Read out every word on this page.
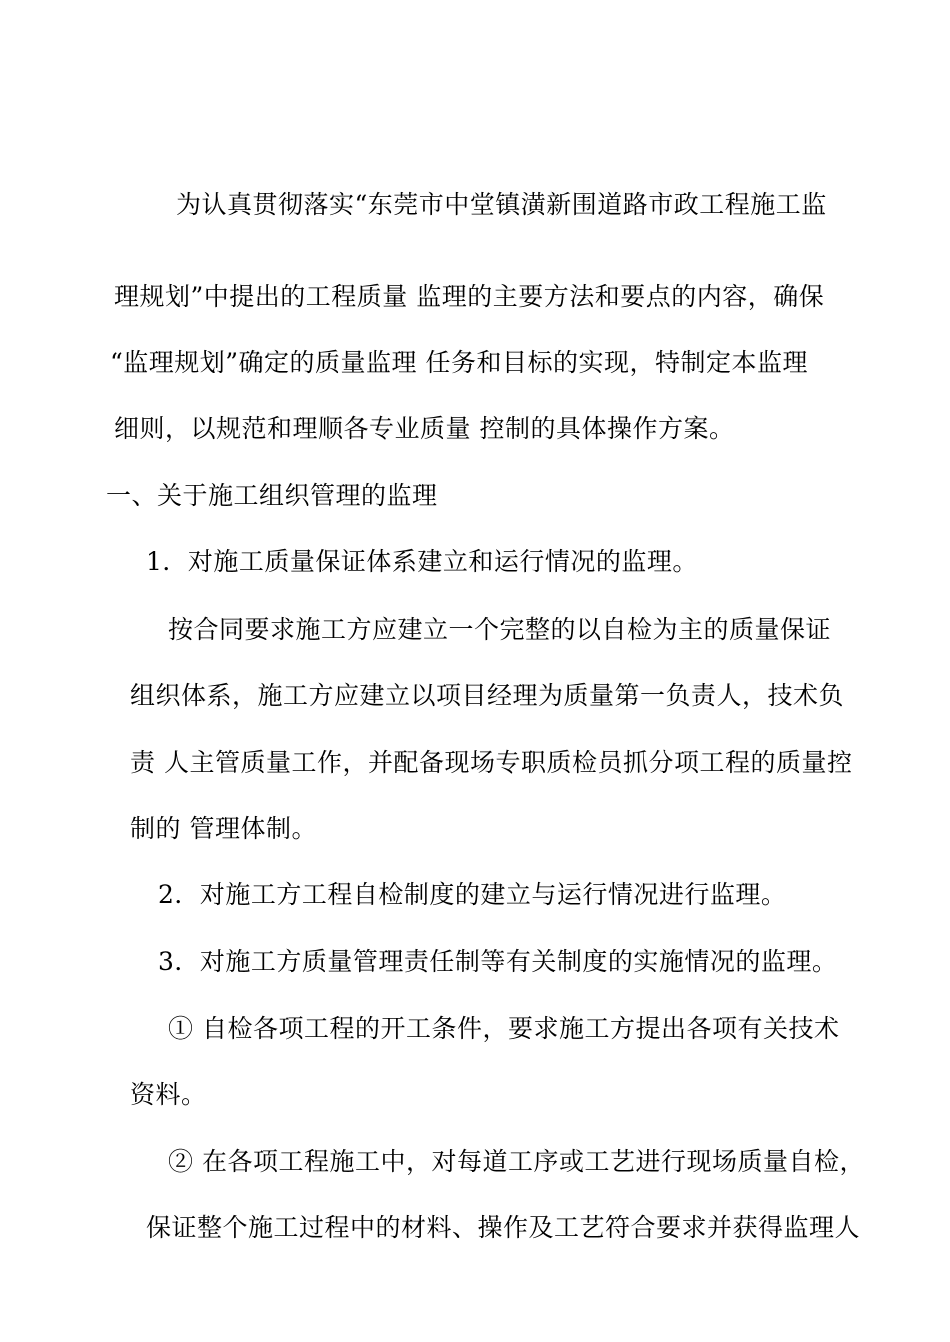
为认真贯彻落实“东莞市中堂镇潢新围道路市政工程施工监
理规划”中提出的工程质量 监理的主要方法和要点的内容，确保
“监理规划”确定的质量监理 任务和目标的实现，特制定本监理
细则，以规范和理顺各专业质量 控制的具体操作方案。
一、关于施工组织管理的监理
1．对施工质量保证体系建立和运行情况的监理。
按合同要求施工方应建立一个完整的以自检为主的质量保证
组织体系，施工方应建立以项目经理为质量第一负责人，技术负
责 人主管质量工作，并配备现场专职质检员抓分项工程的质量控
制的 管理体制。
2．对施工方工程自检制度的建立与运行情况进行监理。
3．对施工方质量管理责任制等有关制度的实施情况的监理。
① 自检各项工程的开工条件，要求施工方提出各项有关技术
资料。
② 在各项工程施工中，对每道工序或工艺进行现场质量自检，
保证整个施工过程中的材料、操作及工艺符合要求并获得监理人
